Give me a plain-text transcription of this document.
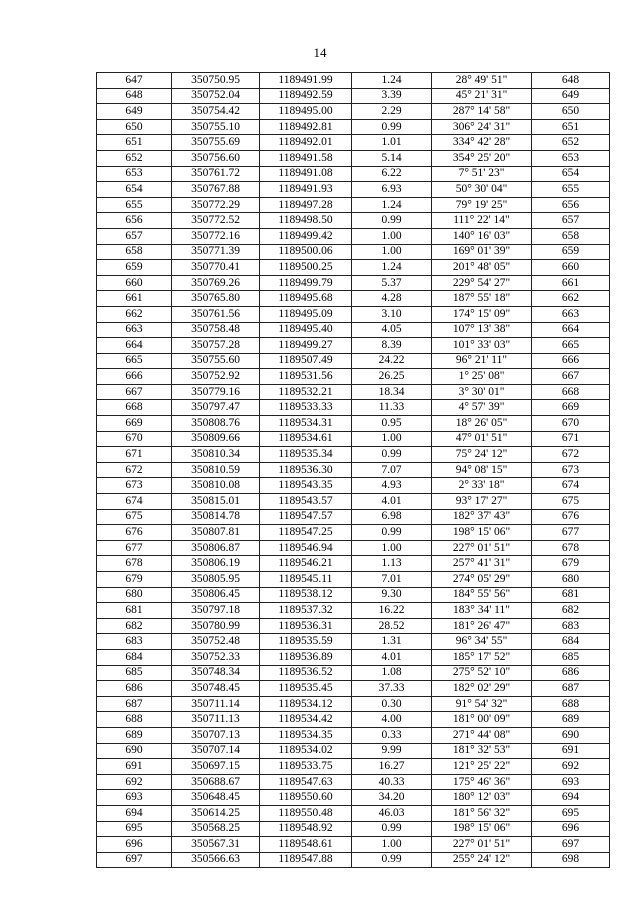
14
647	350750.95	1189491.99	1.24	28° 49' 51"	648
648	350752.04	1189492.59	3.39	45° 21' 31"	649
649	350754.42	1189495.00	2.29	287° 14' 58"	650
650	350755.10	1189492.81	0.99	306° 24' 31"	651
651	350755.69	1189492.01	1.01	334° 42' 28"	652
652	350756.60	1189491.58	5.14	354° 25' 20"	653
653	350761.72	1189491.08	6.22	7° 51' 23"	654
654	350767.88	1189491.93	6.93	50° 30' 04"	655
655	350772.29	1189497.28	1.24	79° 19' 25"	656
656	350772.52	1189498.50	0.99	111° 22' 14"	657
657	350772.16	1189499.42	1.00	140° 16' 03"	658
658	350771.39	1189500.06	1.00	169° 01' 39"	659
659	350770.41	1189500.25	1.24	201° 48' 05"	660
660	350769.26	1189499.79	5.37	229° 54' 27"	661
661	350765.80	1189495.68	4.28	187° 55' 18"	662
662	350761.56	1189495.09	3.10	174° 15' 09"	663
663	350758.48	1189495.40	4.05	107° 13' 38"	664
664	350757.28	1189499.27	8.39	101° 33' 03"	665
665	350755.60	1189507.49	24.22	96° 21' 11"	666
666	350752.92	1189531.56	26.25	1° 25' 08"	667
667	350779.16	1189532.21	18.34	3° 30' 01"	668
668	350797.47	1189533.33	11.33	4° 57' 39"	669
669	350808.76	1189534.31	0.95	18° 26' 05"	670
670	350809.66	1189534.61	1.00	47° 01' 51"	671
671	350810.34	1189535.34	0.99	75° 24' 12"	672
672	350810.59	1189536.30	7.07	94° 08' 15"	673
673	350810.08	1189543.35	4.93	2° 33' 18"	674
674	350815.01	1189543.57	4.01	93° 17' 27"	675
675	350814.78	1189547.57	6.98	182° 37' 43"	676
676	350807.81	1189547.25	0.99	198° 15' 06"	677
677	350806.87	1189546.94	1.00	227° 01' 51"	678
678	350806.19	1189546.21	1.13	257° 41' 31"	679
679	350805.95	1189545.11	7.01	274° 05' 29"	680
680	350806.45	1189538.12	9.30	184° 55' 56"	681
681	350797.18	1189537.32	16.22	183° 34' 11"	682
682	350780.99	1189536.31	28.52	181° 26' 47"	683
683	350752.48	1189535.59	1.31	96° 34' 55"	684
684	350752.33	1189536.89	4.01	185° 17' 52"	685
685	350748.34	1189536.52	1.08	275° 52' 10"	686
686	350748.45	1189535.45	37.33	182° 02' 29"	687
687	350711.14	1189534.12	0.30	91° 54' 32"	688
688	350711.13	1189534.42	4.00	181° 00' 09"	689
689	350707.13	1189534.35	0.33	271° 44' 08"	690
690	350707.14	1189534.02	9.99	181° 32' 53"	691
691	350697.15	1189533.75	16.27	121° 25' 22"	692
692	350688.67	1189547.63	40.33	175° 46' 36"	693
693	350648.45	1189550.60	34.20	180° 12' 03"	694
694	350614.25	1189550.48	46.03	181° 56' 32"	695
695	350568.25	1189548.92	0.99	198° 15' 06"	696
696	350567.31	1189548.61	1.00	227° 01' 51"	697
697	350566.63	1189547.88	0.99	255° 24' 12"	698
